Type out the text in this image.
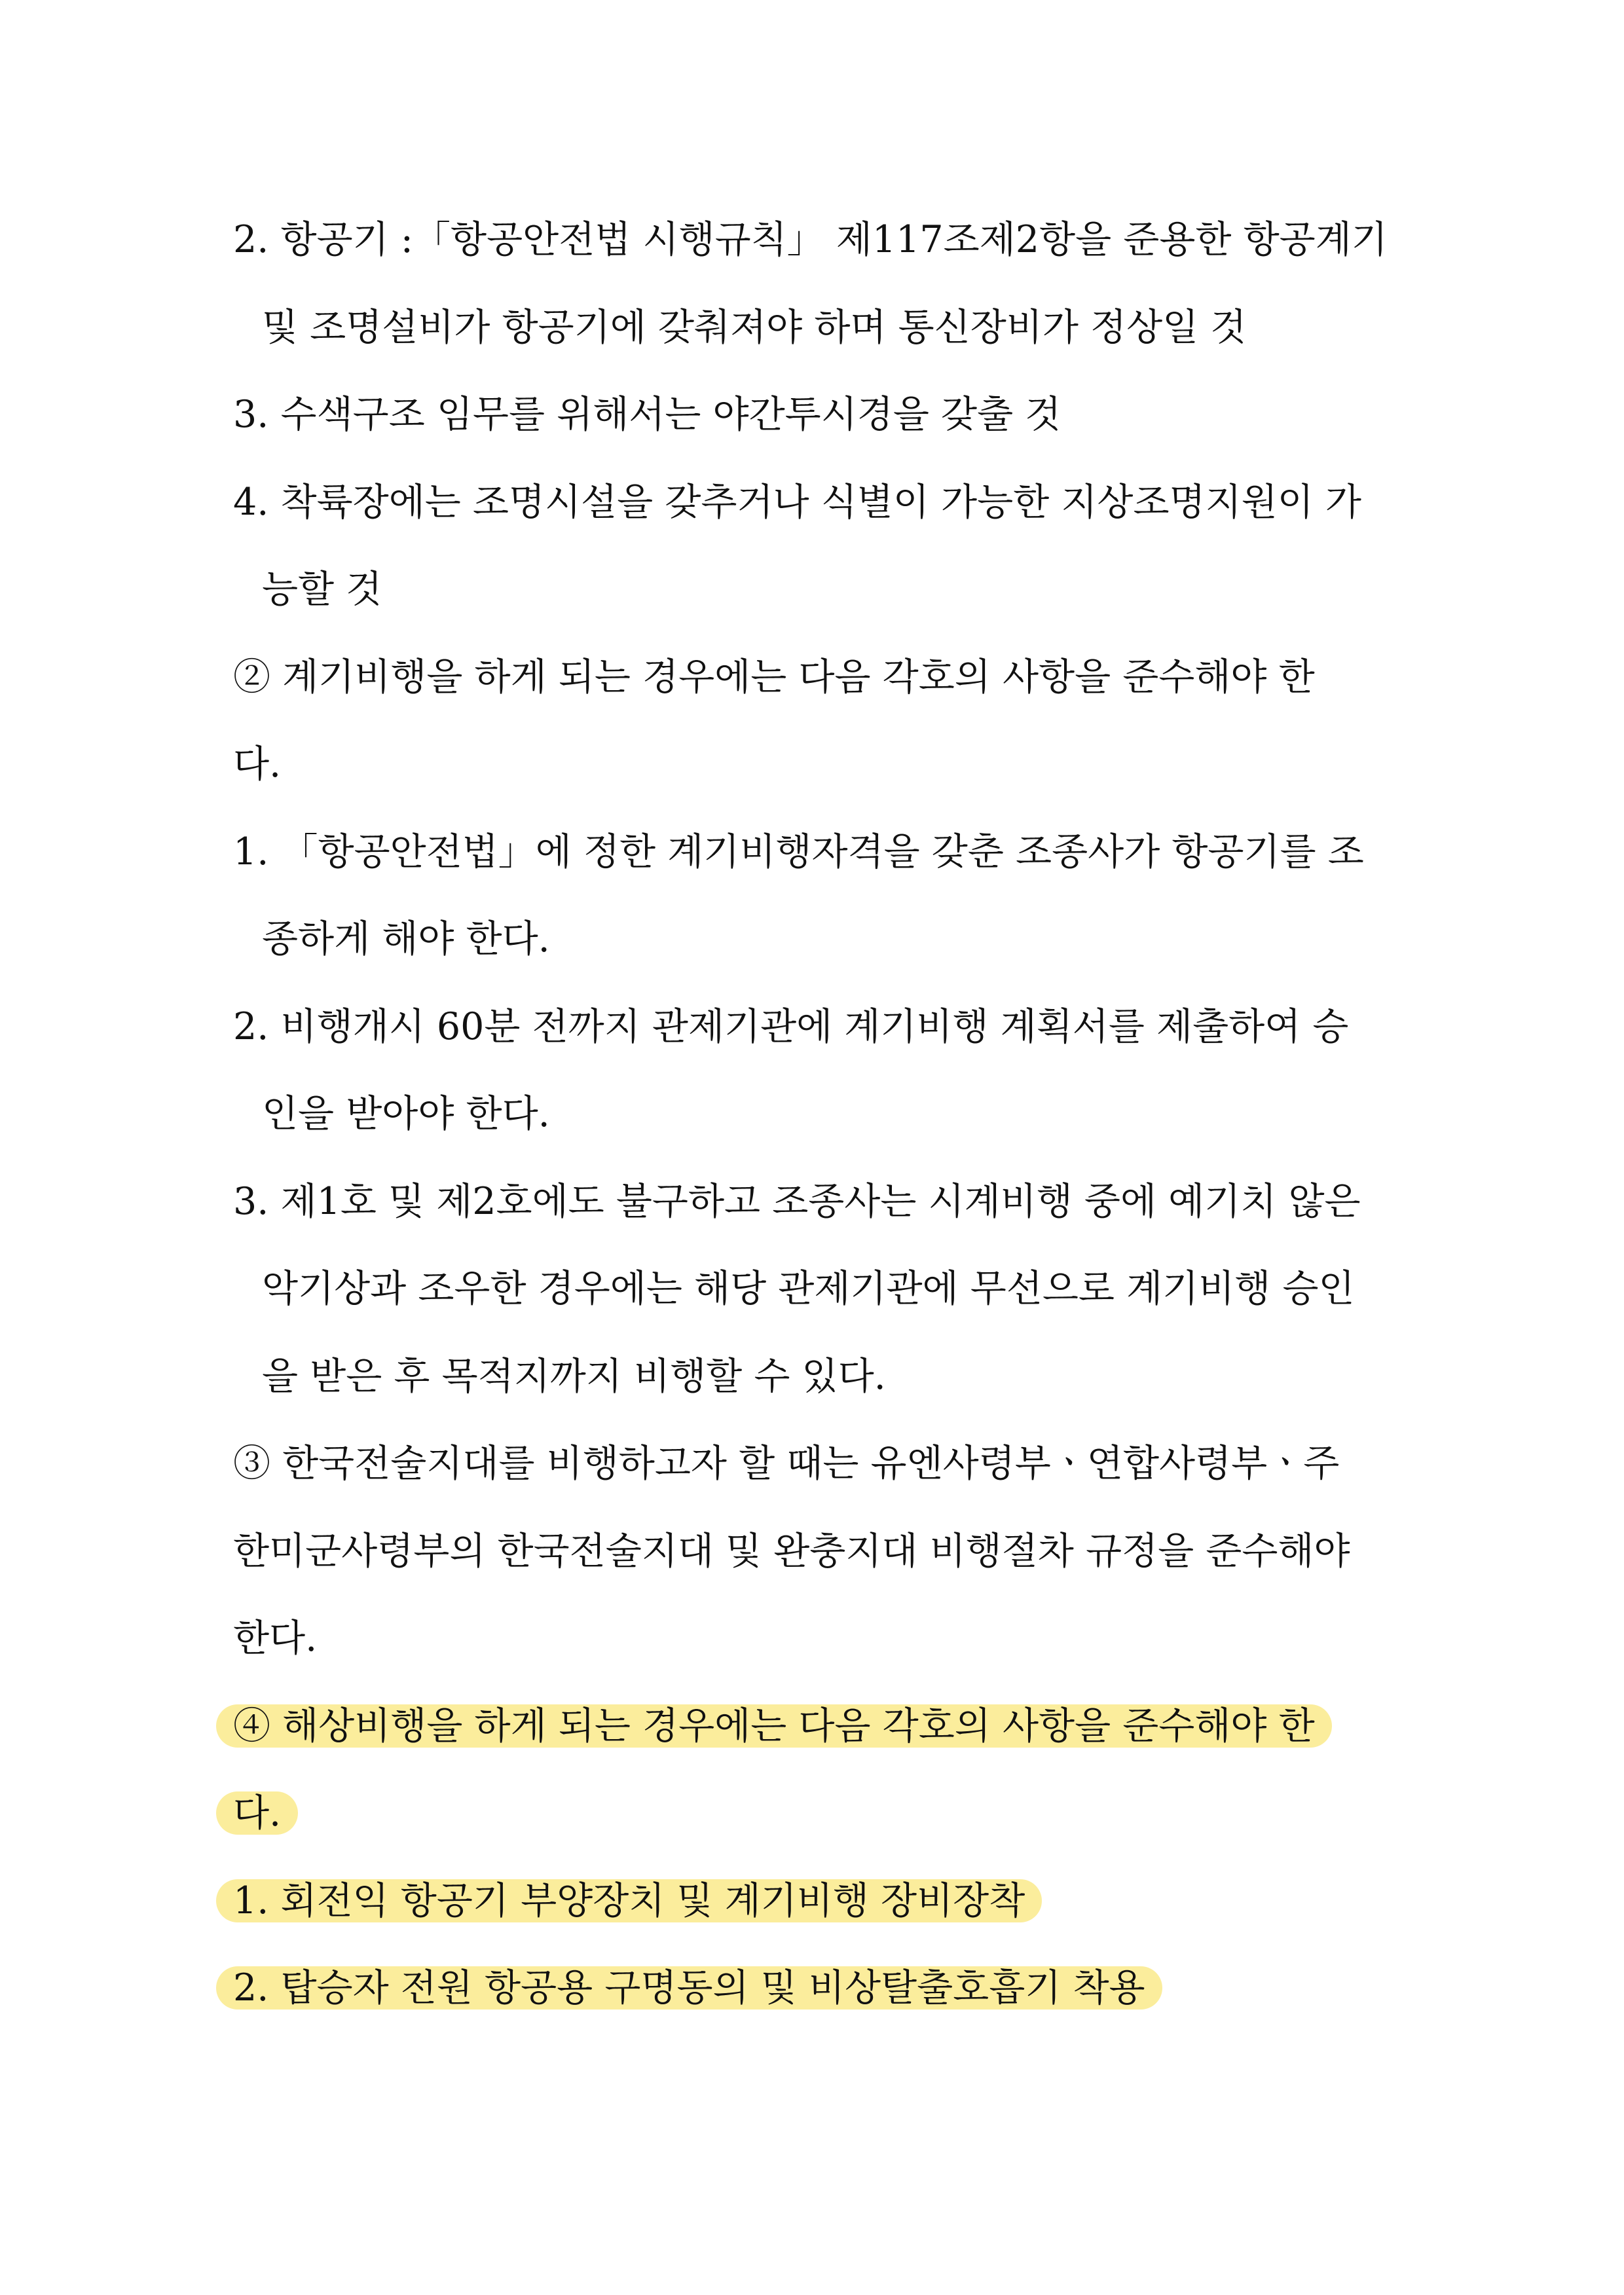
2. 항공기 :「항공안전법 시행규칙」 제117조제2항을 준용한 항공계기
및 조명설비가 항공기에 갖춰져야 하며 통신장비가 정상일 것
3. 수색구조 임무를 위해서는 야간투시경을 갖출 것
4. 착륙장에는 조명시설을 갖추거나 식별이 가능한 지상조명지원이 가
능할 것
② 계기비행을 하게 되는 경우에는 다음 각호의 사항을 준수해야 한
다.
1. 「항공안전법」에 정한 계기비행자격을 갖춘 조종사가 항공기를 조
종하게 해야 한다.
2. 비행개시 60분 전까지 관제기관에 계기비행 계획서를 제출하여 승
인을 받아야 한다.
3. 제1호 및 제2호에도 불구하고 조종사는 시계비행 중에 예기치 않은
악기상과 조우한 경우에는 해당 관제기관에 무선으로 계기비행 승인
을 받은 후 목적지까지 비행할 수 있다.
③ 한국전술지대를 비행하고자 할 때는 유엔사령부ㆍ연합사령부ㆍ주
한미군사령부의 한국전술지대 및 완충지대 비행절차 규정을 준수해야
한다.
④ 해상비행을 하게 되는 경우에는 다음 각호의 사항을 준수해야 한
다.
1. 회전익 항공기 부양장치 및 계기비행 장비장착
2. 탑승자 전원 항공용 구명동의 및 비상탈출호흡기 착용
